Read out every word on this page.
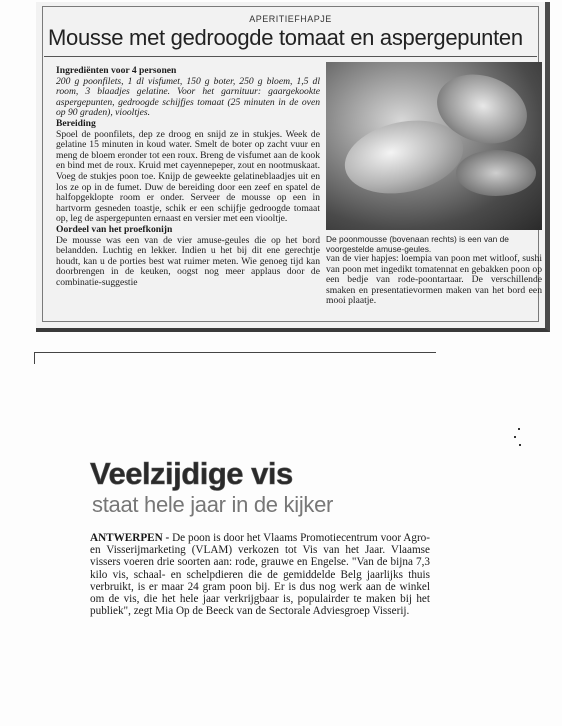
APERITIEFHAPJE
Mousse met gedroogde tomaat en aspergepunten

Ingrediënten voor 4 personen

200 g poonfilets, 1 dl visfumet, 150 g boter, 250 g bloem, 1,5 dl room, 3 blaadjes gelatine. Voor het garnituur: gaargekookte aspergepunten, gedroogde schijfjes tomaat (25 minuten in de oven op 90 graden), viooltjes.

Bereiding

Spoel de poonfilets, dep ze droog en snijd ze in stukjes. Week de gelatine 15 minuten in koud water. Smelt de boter op zacht vuur en meng de bloem eronder tot een roux. Breng de visfumet aan de kook en bind met de roux. Kruid met cayennepeper, zout en nootmuskaat. Voeg de stukjes poon toe. Knijp de geweekte gelatineblaadjes uit en los ze op in de fumet. Duw de bereiding door een zeef en spatel de halfopgeklopte room er onder. Serveer de mousse op een in hartvorm gesneden toastje, schik er een schijfje gedroogde tomaat op, leg de aspergepunten ernaast en versier met een viooltje.

Oordeel van het proefkonijn

De mousse was een van de vier amuse-geules die op het bord belandden. Luchtig en lekker. Indien u het bij dit ene gerechtje houdt, kan u de porties best wat ruimer meten. Wie genoeg tijd kan doorbrengen in de keuken, oogst nog meer applaus door de combinatie-suggestie

De poonmousse (bovenaan rechts) is een van de voorgestelde amuse-geules.
van de vier hapjes: loempia van poon met witloof, sushi van poon met ingedikt tomatennat en gebakken poon op een bedje van rode-poontartaar. De verschillende smaken en presentatievormen maken van het bord een mooi plaatje.
Veelzijdige vis
staat hele jaar in de kijker
ANTWERPEN - De poon is door het Vlaams Promotiecentrum voor Agro- en Visserijmarketing (VLAM) verkozen tot Vis van het Jaar. Vlaamse vissers voeren drie soorten aan: rode, grauwe en Engelse. "Van de bijna 7,3 kilo vis, schaal- en schelpdieren die de gemiddelde Belg jaarlijks thuis verbruikt, is er maar 24 gram poon bij. Er is dus nog werk aan de winkel om de vis, die het hele jaar verkrijgbaar is, populairder te maken bij het publiek", zegt Mia Op de Beeck van de Sectorale Adviesgroep Visserij.
